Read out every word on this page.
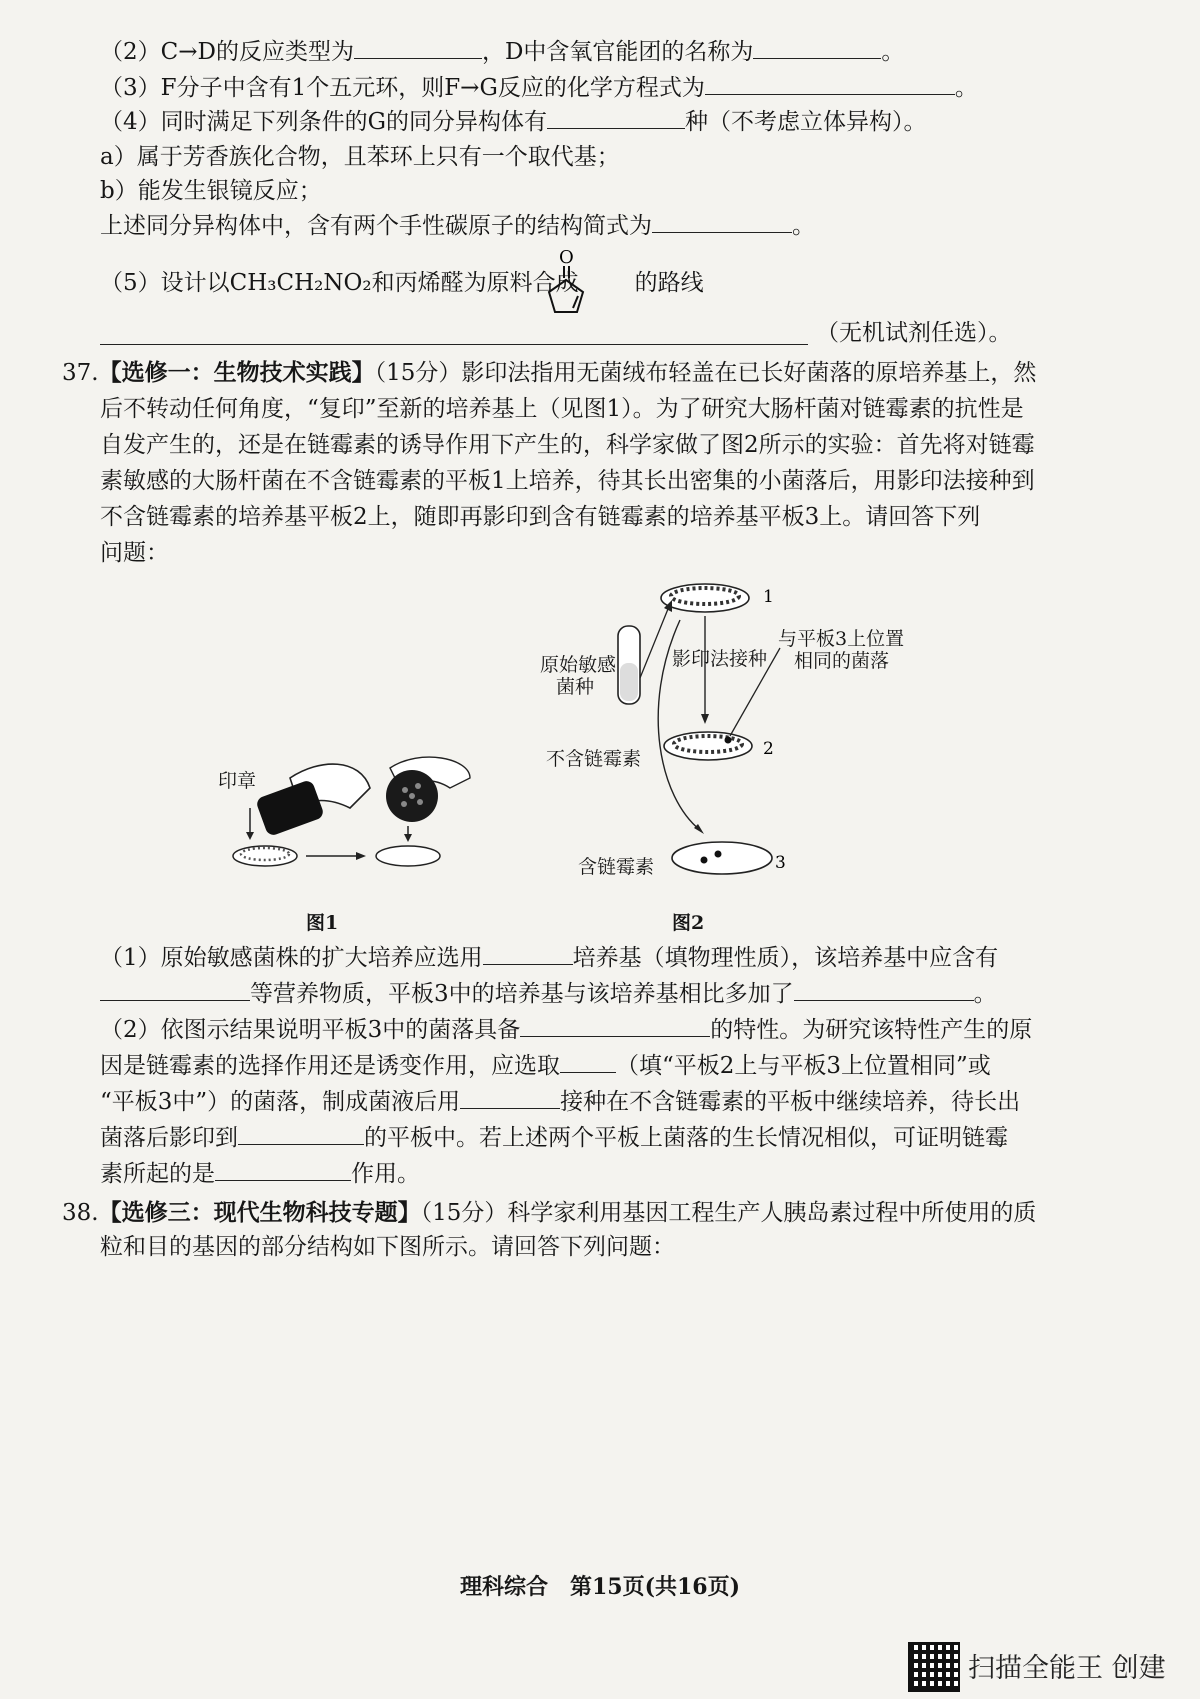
（2）C→D的反应类型为	，D中含氧官能团的名称为	。
（3）F分子中含有1个五元环，则F→G反应的化学方程式为	。
（4）同时满足下列条件的G的同分异构体有	种（不考虑立体异构）。
a）属于芳香族化合物，且苯环上只有一个取代基；
b）能发生银镜反应；
上述同分异构体中，含有两个手性碳原子的结构简式为	。
（5）设计以CH₃CH₂NO₂和丙烯醛为原料合成 的路线
O
（无机试剂任选）。
37.【选修一：生物技术实践】（15分）影印法指用无菌绒布轻盖在已长好菌落的原培养基上，然
后不转动任何角度，“复印”至新的培养基上（见图1）。为了研究大肠杆菌对链霉素的抗性是
自发产生的，还是在链霉素的诱导作用下产生的，科学家做了图2所示的实验：首先将对链霉
素敏感的大肠杆菌在不含链霉素的平板1上培养，待其长出密集的小菌落后，用影印法接种到
不含链霉素的培养基平板2上，随即再影印到含有链霉素的培养基平板3上。请回答下列
问题：
印章
图1
1
2
3
原始敏感
菌种
影印法接种
与平板3上位置
相同的菌落
不含链霉素
含链霉素
图2
（1）原始敏感菌株的扩大培养应选用	培养基（填物理性质），该培养基中应含有
等营养物质，平板3中的培养基与该培养基相比多加了	。
（2）依图示结果说明平板3中的菌落具备	的特性。为研究该特性产生的原
因是链霉素的选择作用还是诱变作用，应选取 （填“平板2上与平板3上位置相同”或
“平板3中”）的菌落，制成菌液后用	接种在不含链霉素的平板中继续培养，待长出
菌落后影印到	的平板中。若上述两个平板上菌落的生长情况相似，可证明链霉
素所起的是	作用。
38.【选修三：现代生物科技专题】（15分）科学家利用基因工程生产人胰岛素过程中所使用的质
粒和目的基因的部分结构如下图所示。请回答下列问题：
理科综合　第15页(共16页)
扫描全能王 创建
